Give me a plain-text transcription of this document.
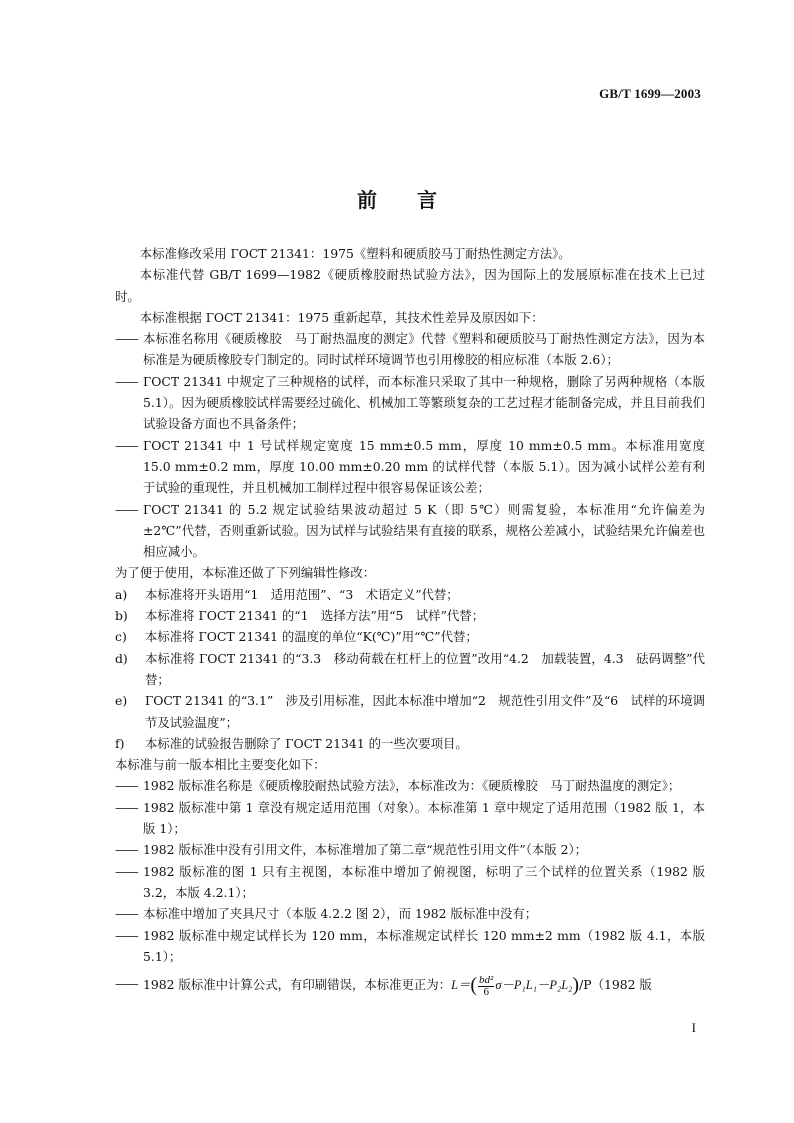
GB/T 1699—2003
前言

本标准修改采用 ГОСТ 21341：1975《塑料和硬质胶马丁耐热性测定方法》。

本标准代替 GB/T 1699—1982《硬质橡胶耐热试验方法》，因为国际上的发展原标准在技术上已过时。

本标准根据 ГОСТ 21341：1975 重新起草，其技术性差异及原因如下：

—— 本标准名称用《硬质橡胶　马丁耐热温度的测定》代替《塑料和硬质胶马丁耐热性测定方法》，因为本标准是为硬质橡胶专门制定的。同时试样环境调节也引用橡胶的相应标准（本版 2.6）；
—— ГОСТ 21341 中规定了三种规格的试样，而本标准只采取了其中一种规格，删除了另两种规格（本版 5.1）。因为硬质橡胶试样需要经过硫化、机械加工等繁琐复杂的工艺过程才能制备完成，并且目前我们试验设备方面也不具备条件；
—— ГОСТ 21341 中 1 号试样规定宽度 15 mm±0.5 mm，厚度 10 mm±0.5 mm。本标准用宽度 15.0 mm±0.2 mm，厚度 10.00 mm±0.20 mm 的试样代替（本版 5.1）。因为减小试样公差有利于试验的重现性，并且机械加工制样过程中很容易保证该公差；
—— ГОСТ 21341 的 5.2 规定试验结果波动超过 5 K（即 5℃）则需复验，本标准用“允许偏差为±2℃”代替，否则重新试验。因为试样与试验结果有直接的联系，规格公差减小，试验结果允许偏差也相应减小。

为了便于使用，本标准还做了下列编辑性修改：

a) 本标准将开头语用“1　适用范围”、“3　术语定义”代替；
b) 本标准将 ГОСТ 21341 的“1　选择方法”用“5　试样”代替；
c) 本标准将 ГОСТ 21341 的温度的单位“K(℃)”用“℃”代替；
d) 本标准将 ГОСТ 21341 的“3.3　移动荷载在杠杆上的位置”改用“4.2　加载装置，4.3　砝码调整”代替；
e) ГОСТ 21341 的“3.1”　涉及引用标准，因此本标准中增加“2　规范性引用文件”及“6　试样的环境调节及试验温度”；
f) 本标准的试验报告删除了 ГОСТ 21341 的一些次要项目。

本标准与前一版本相比主要变化如下：

—— 1982 版标准名称是《硬质橡胶耐热试验方法》，本标准改为：《硬质橡胶　马丁耐热温度的测定》；
—— 1982 版标准中第 1 章没有规定适用范围（对象）。本标准第 1 章中规定了适用范围（1982 版 1，本版 1）；
—— 1982 版标准中没有引用文件，本标准增加了第二章“规范性引用文件”（本版 2）；
—— 1982 版标准的图 1 只有主视图，本标准中增加了俯视图，标明了三个试样的位置关系（1982 版 3.2，本版 4.2.1）；
—— 本标准中增加了夹具尺寸（本版 4.2.2 图 2），而 1982 版标准中没有；
—— 1982 版标准中规定试样长为 120 mm，本标准规定试样长 120 mm±2 mm（1982 版 4.1，本版 5.1）；
—— 1982 版标准中计算公式，有印刷错误，本标准更正为：$L=( \frac{\text{bd²}}{6} \sigma-P_1L_1-P_2L_2)/P(1982$ 版
I
